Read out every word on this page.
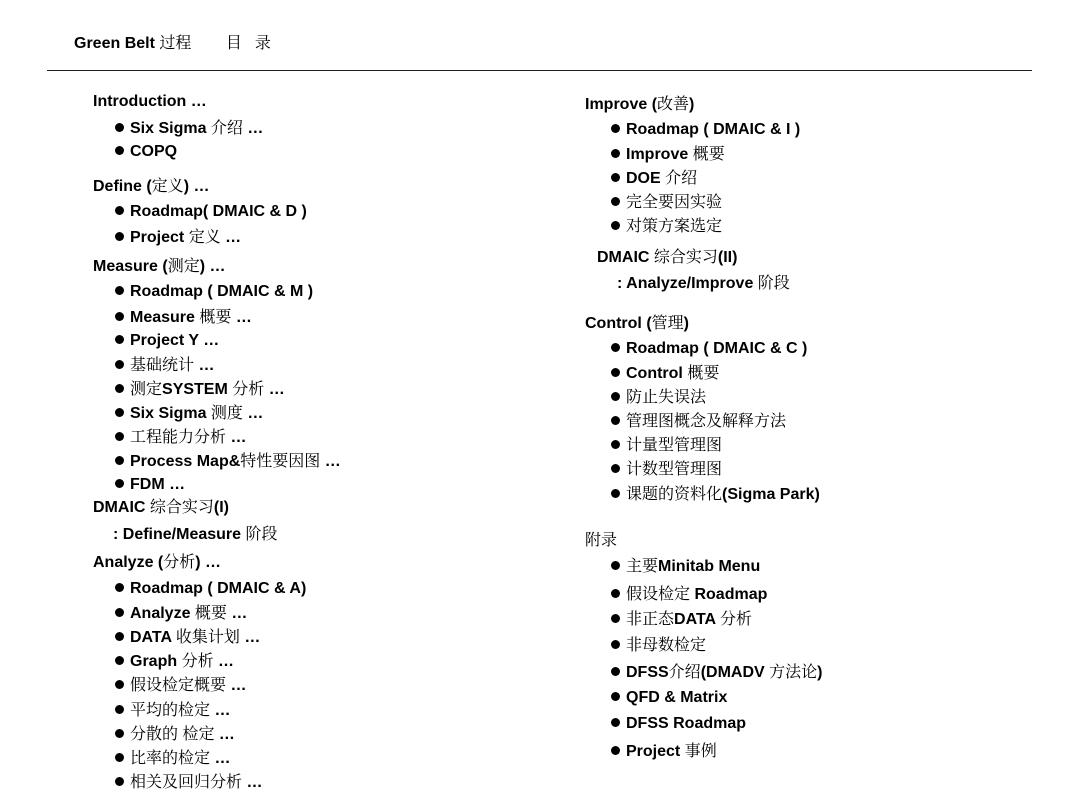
Green Belt 过程 目 录
Introduction …
Six Sigma 介绍 …
COPQ
Define (定义) …
Roadmap( DMAIC & D )
Project 定义 …
Measure (测定) …
Roadmap ( DMAIC & M )
Measure 概要 …
Project Y …
基础统计 …
测定SYSTEM 分析 …
Six Sigma 测度 …
工程能力分析 …
Process Map&特性要因图 …
FDM …
DMAIC 综合实习(I)
: Define/Measure 阶段
Analyze (分析) …
Roadmap ( DMAIC & A)
Analyze 概要 …
DATA 收集计划 …
Graph 分析 …
假设检定概要 …
平均的检定 …
分散的 检定 …
比率的检定 …
相关及回归分析 …
Improve (改善)
Roadmap ( DMAIC & I )
Improve 概要
DOE 介绍
完全要因实验
对策方案选定
DMAIC 综合实习(II)
: Analyze/Improve 阶段
Control (管理)
Roadmap ( DMAIC & C )
Control 概要
防止失误法
管理图概念及解释方法
计量型管理图
计数型管理图
课题的资料化(Sigma Park)
附录
主要Minitab Menu
假设检定 Roadmap
非正态DATA 分析
非母数检定
DFSS介绍(DMADV 方法论)
QFD & Matrix
DFSS Roadmap
Project 事例
